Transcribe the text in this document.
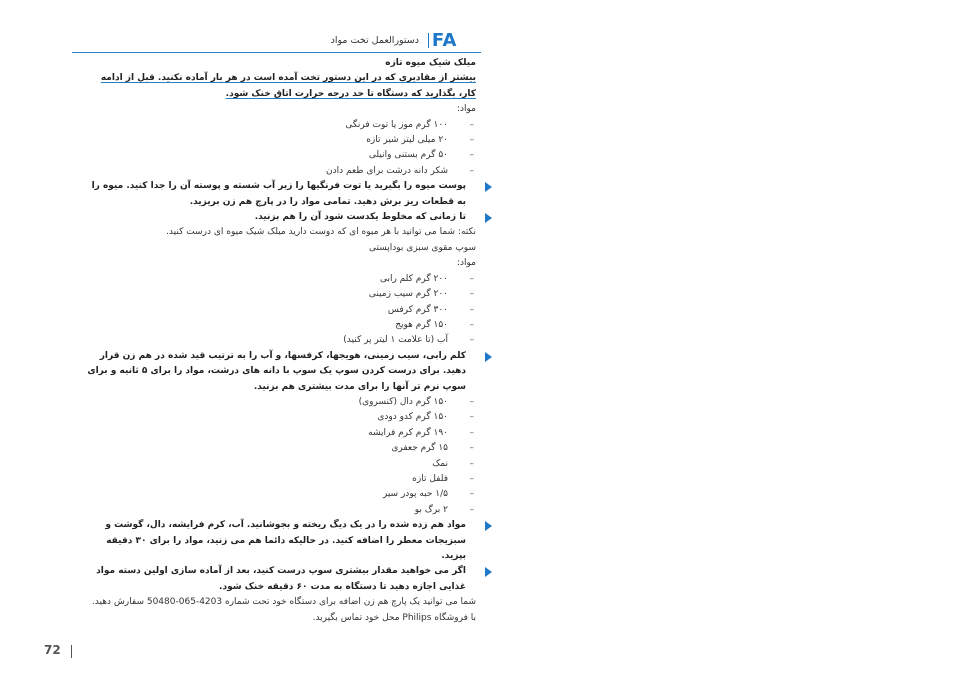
FA
دستورالعمل تخت مواد
میلک شیک میوه تازه
بیشتر از مقادیری که در این دستور تخت آمده است در هر بار آماده نکنید. قبل از ادامه کار، بگذارید که دستگاه تا حد درجه حرارت اتاق خنک شود.
مواد:
– ۱۰۰ گرم موز یا توت فرنگی
– ۲۰ میلی لیتر شیر تازه
– ۵۰ گرم بستنی وانیلی
– شکر دانه درشت برای طعم دادن
پوست میوه را بگیرید یا توت فرنگیها را زیر آب شسته و پوسته آن را جدا کنید. میوه را به قطعات ریز برش دهید. تمامی مواد را در پارچ هم زن بریزید.
تا زمانی که مخلوط یکدست شود آن را هم بزنید.
نکته: شما می توانید با هر میوه ای که دوست دارید میلک شیک میوه ای درست کنید.
سوپ مقوی سبزی بوداپستی
مواد:
– ۲۰۰ گرم کلم رابی
– ۲۰۰ گرم سیب زمینی
– ۳۰۰ گرم کرفس
– ۱۵۰ گرم هویج
– آب (تا علامت ۱ لیتر پر کنید)
کلم رابی، سیب زمینی، هویجها، کرفسها، و آب را به ترتیب قید شده در هم زن قرار دهید. برای درست کردن سوپ یک سوپ با دانه های درشت، مواد را برای ۵ ثانیه و برای سوپ نرم تر آنها را برای مدت بیشتری هم بزنید.
– ۱۵۰ گرم دال (کنسروی)
– ۱۵۰ گرم کدو دودی
– ۱۹۰ گرم کرم فرایشه
– ۱۵ گرم جعفری
– نمک
– فلفل تازه
– ۱/۵ حبه پودر سیر
– ۲ برگ بو
مواد هم زده شده را در یک دیگ ریخته و بجوشانید. آب، کرم فرایشه، دال، گوشت و سبزیجات معطر را اضافه کنید. در حالیکه دائما هم می زنید، مواد را برای ۳۰ دقیقه بپزید.
اگر می خواهید مقدار بیشتری سوپ درست کنید، بعد از آماده سازی اولین دسته مواد غذایی اجازه دهید تا دستگاه به مدت ۶۰ دقیقه خنک شود.
شما می توانید یک پارچ هم زن اضافه برای دستگاه خود تحت شماره 4203-065-50480 سفارش دهید. با فروشگاه Philips محل خود تماس بگیرید.
72
